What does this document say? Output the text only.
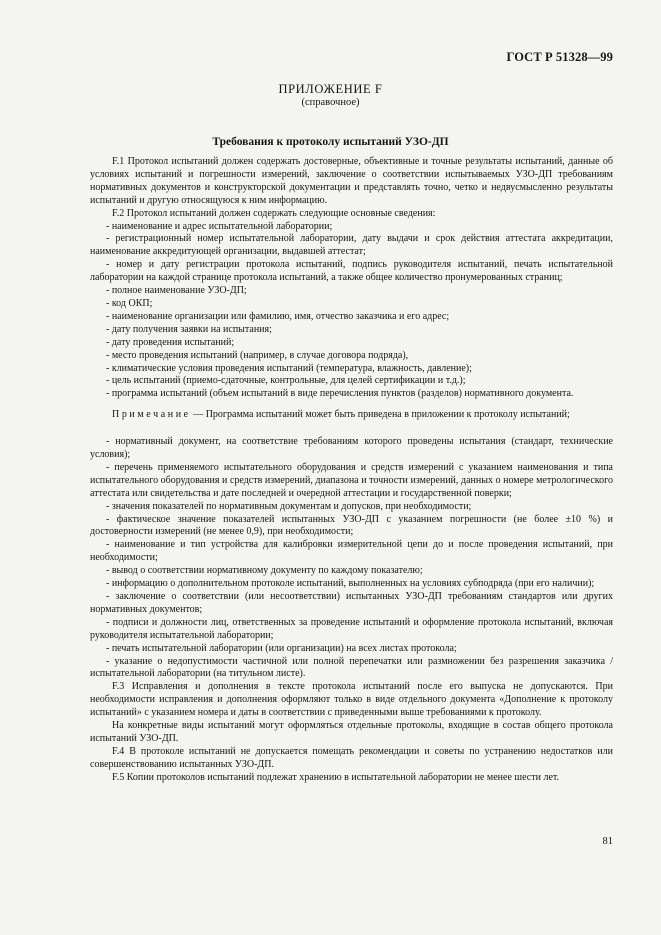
ГОСТ Р 51328—99
ПРИЛОЖЕНИЕ F
(справочное)
Требования к протоколу испытаний УЗО-ДП

F.1 Протокол испытаний должен содержать достоверные, объективные и точные результаты испытаний, данные об условиях испытаний и погрешности измерений, заключение о соответствии испытываемых УЗО-ДП требованиям нормативных документов и конструкторской документации и представлять точно, четко и недвусмысленно результаты испытаний и другую относящуюся к ним информацию.

F.2 Протокол испытаний должен содержать следующие основные сведения:

- наименование и адрес испытательной лаборатории;

- регистрационный номер испытательной лаборатории, дату выдачи и срок действия аттестата аккредитации, наименование аккредитующей организации, выдавшей аттестат;

- номер и дату регистрации протокола испытаний, подпись руководителя испытаний, печать испытательной лаборатории на каждой странице протокола испытаний, а также общее количество пронумерованных страниц;

- полное наименование УЗО-ДП;

- код ОКП;

- наименование организации или фамилию, имя, отчество заказчика и его адрес;

- дату получения заявки на испытания;

- дату проведения испытаний;

- место проведения испытаний (например, в случае договора подряда),

- климатические условия проведения испытаний (температура, влажность, давление);

- цель испытаний (приемо-сдаточные, контрольные, для целей сертификации и т.д.);

- программа испытаний (объем испытаний в виде перечисления пунктов (разделов) нормативного документа.

Примечание — Программа испытаний может быть приведена в приложении к протоколу испытаний;

- нормативный документ, на соответствие требованиям которого проведены испытания (стандарт, технические условия);

- перечень применяемого испытательного оборудования и средств измерений с указанием наименования и типа испытательного оборудования и средств измерений, диапазона и точности измерений, данных о номере метрологического аттестата или свидетельства и дате последней и очередной аттестации и государственной поверки;

- значения показателей по нормативным документам и допусков, при необходимости;

- фактическое значение показателей испытанных УЗО-ДП с указанием погрешности (не более ±10 %) и достоверности измерений (не менее 0,9), при необходимости;

- наименование и тип устройства для калибровки измерительной цепи до и после проведения испытаний, при необходимости;

- вывод о соответствии нормативному документу по каждому показателю;

- информацию о дополнительном протоколе испытаний, выполненных на условиях субподряда (при его наличии);

- заключение о соответствии (или несоответствии) испытанных УЗО-ДП требованиям стандартов или других нормативных документов;

- подписи и должности лиц, ответственных за проведение испытаний и оформление протокола испытаний, включая руководителя испытательной лаборатории;

- печать испытательной лаборатории (или организации) на всех листах протокола;

- указание о недопустимости частичной или полной перепечатки или размножении без разрешения заказчика / испытательной лаборатории (на титульном листе).

F.3 Исправления и дополнения в тексте протокола испытаний после его выпуска не допускаются. При необходимости исправления и дополнения оформляют только в виде отдельного документа «Дополнение к протоколу испытаний» с указанием номера и даты в соответствии с приведенными выше требованиями к протоколу.

На конкретные виды испытаний могут оформляться отдельные протоколы, входящие в состав общего протокола испытаний УЗО-ДП.

F.4 В протоколе испытаний не допускается помещать рекомендации и советы по устранению недостатков или совершенствованию испытанных УЗО-ДП.

F.5 Копии протоколов испытаний подлежат хранению в испытательной лаборатории не менее шести лет.

81
